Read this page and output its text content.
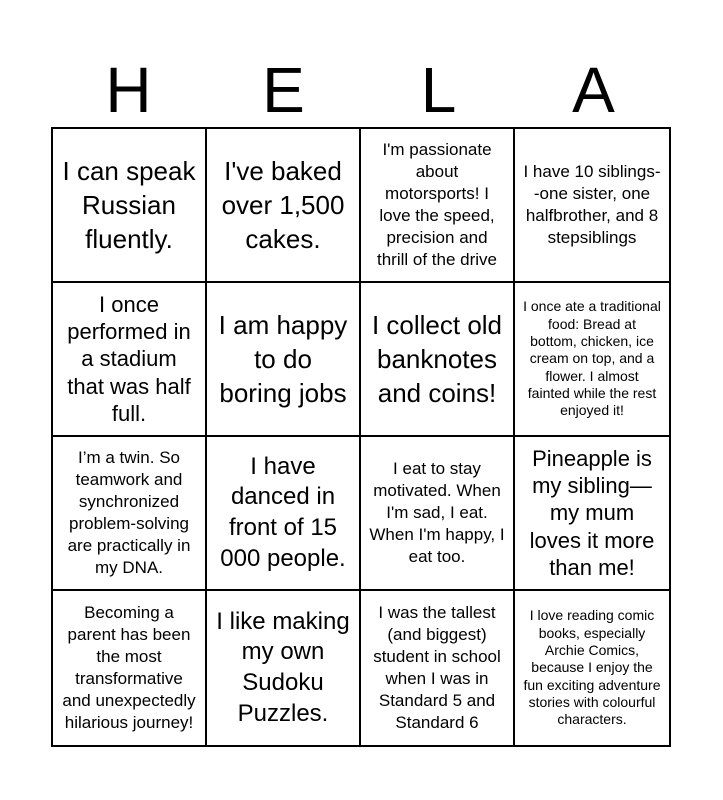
H	E	L	A
I can speak Russian fluently.
I've baked over 1,500 cakes.
I'm passionate about motorsports! I love the speed, precision and thrill of the drive
I have 10 siblings--one sister, one halfbrother, and 8 stepsiblings
I once performed in a stadium that was half full.
I am happy to do boring jobs
I collect old banknotes and coins!
I once ate a traditional food: Bread at bottom, chicken, ice cream on top, and a flower. I almost fainted while the rest enjoyed it!
I’m a twin. So teamwork and synchronized problem-solving are practically in my DNA.
I have danced in front of 15 000 people.
I eat to stay motivated. When I'm sad, I eat. When I'm happy, I eat too.
Pineapple is my sibling—my mum loves it more than me!
Becoming a parent has been the most transformative and unexpectedly hilarious journey!
I like making my own Sudoku Puzzles.
I was the tallest (and biggest) student in school when I was in Standard 5 and Standard 6
I love reading comic books, especially Archie Comics, because I enjoy the fun exciting adventure stories with colourful characters.
